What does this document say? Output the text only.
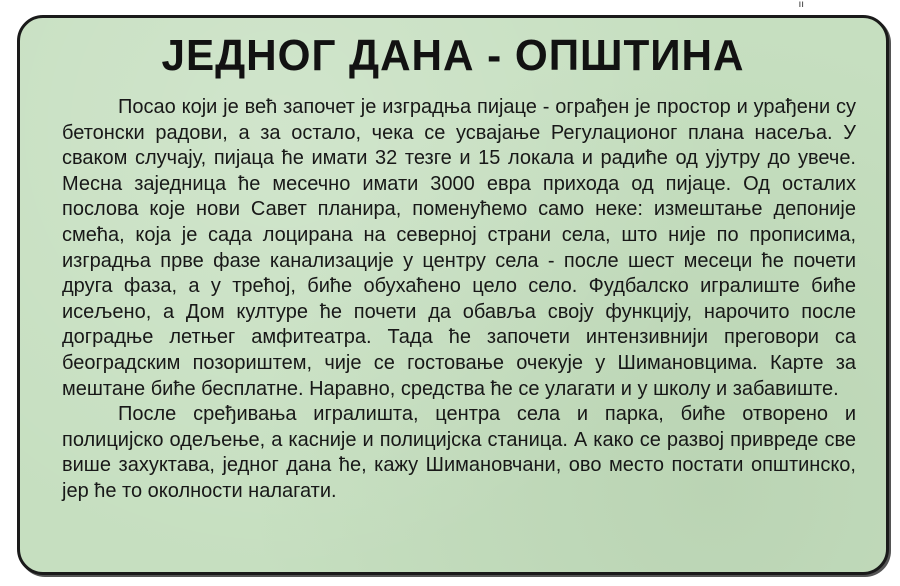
ıı
ЈЕДНОГ ДАНА - ОПШТИНА

Посао који је већ започет је изградња пијаце - ограђен је простор и урађени су бетонски радови, а за остало, чека се усвајање Регулационог плана насеља. У сваком случају, пијаца ће имати 32 тезге и 15 локала и радиће од ујутру до увече. Месна заједница ће месечно имати 3000 евра прихода од пијаце. Од осталих послова које нови Савет планира, поменућемо само неке: измештање депоније смећа, која је сада лоцирана на северној страни села, што није по прописима, изградња прве фазе канализације у центру села - после шест месеци ће почети друга фаза, а у трећој, биће обухаћено цело село. Фудбалско игралиште биће исељено, а Дом културе ће почети да обавља своју функцију, нарочито после доградње летњег амфитеатра. Тада ће започети интензивнији преговори са београдским позориштем, чије се гостовање очекује у Шимановцима. Карте за мештане биће бесплатне. Наравно, средства ће се улагати и у школу и забавиште.

После сређивања игралишта, центра села и парка, биће отворено и полицијско одељење, а касније и полицијска станица. А како се развој привреде све више захуктава, једног дана ће, кажу Шимановчани, ово место постати општинско, јер ће то околности налагати.
